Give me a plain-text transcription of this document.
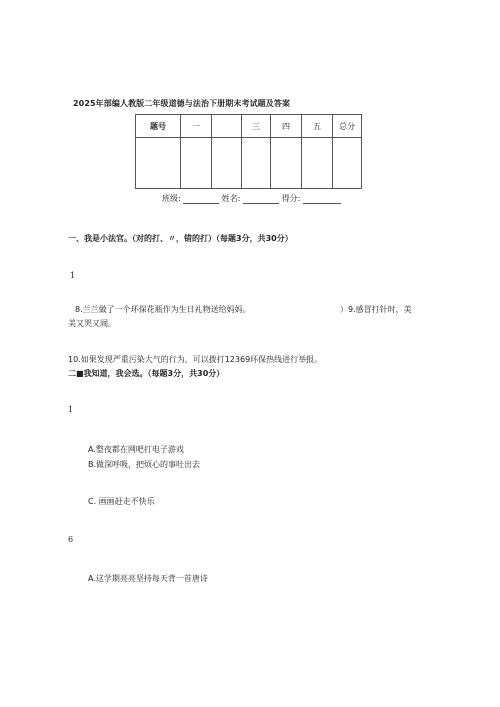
2025年部编人教版二年级道德与法治下册期末考试题及答案
题号	一		三	四	五	总分

班级:	姓名:	得分:
一、我是小法官。（对的打、〃，错的打）（每题3分，共30分）
1
8.兰兰做了一个环保花瓶作为生日礼物送给妈妈。	）9.感冒打针时，美
美又哭又闹。
10.如果发现严重污染大气的行为，可以拨打12369环保热线进行举报。
二■我知道，我会选。（每题3分，共30分）
1
A.整夜都在网吧打电子游戏
B.做深呼吸，把烦心的事吐出去
C. 画画赶走不快乐
6
A.这学期亮亮坚持每天背一首唐诗
